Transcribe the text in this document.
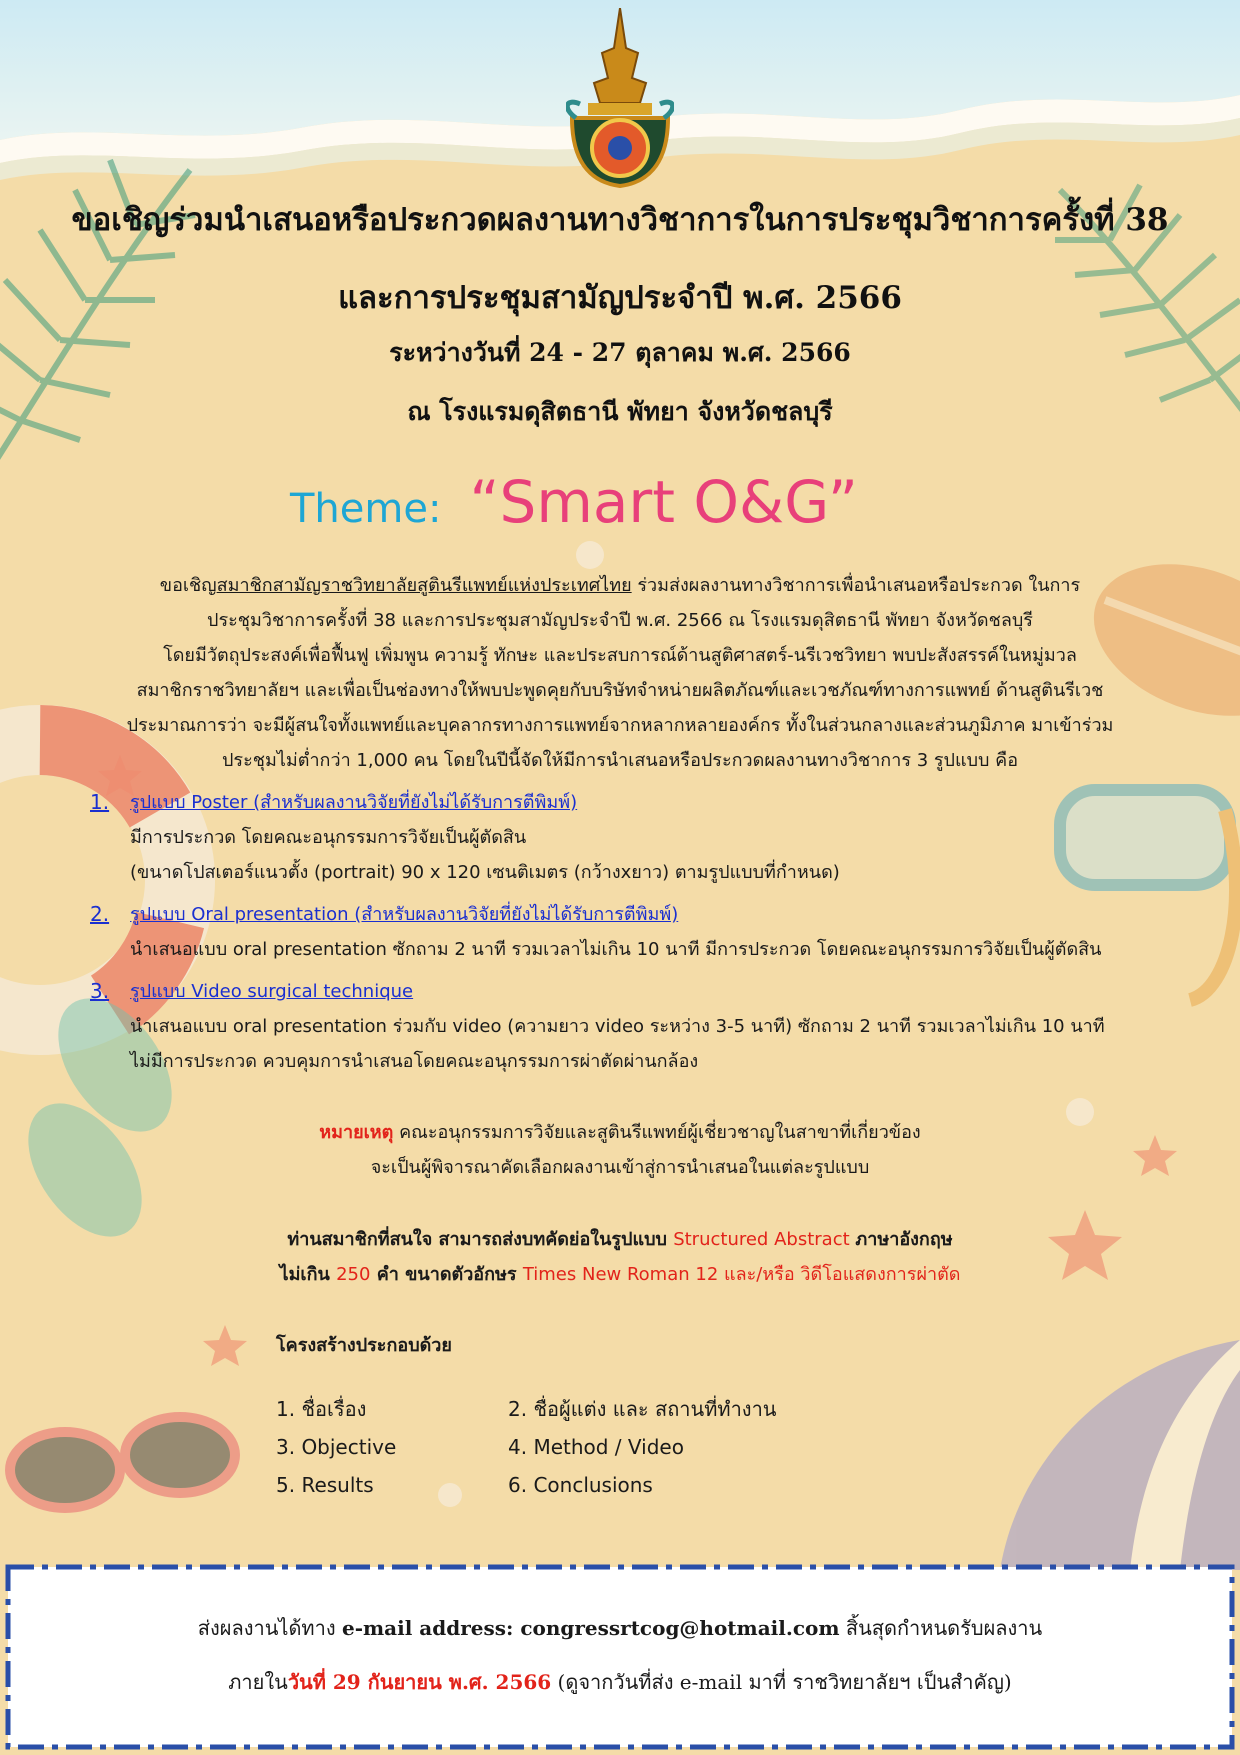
ขอเชิญร่วมนำเสนอหรือประกวดผลงานทางวิชาการในการประชุมวิชาการครั้งที่ 38
และการประชุมสามัญประจำปี พ.ศ. 2566
ระหว่างวันที่ 24 - 27 ตุลาคม พ.ศ. 2566
ณ โรงแรมดุสิตธานี พัทยา จังหวัดชลบุรี
Theme: “Smart O&G”

ขอเชิญสมาชิกสามัญราชวิทยาลัยสูตินรีแพทย์แห่งประเทศไทย ร่วมส่งผลงานทางวิชาการเพื่อนำเสนอหรือประกวด ในการ

ประชุมวิชาการครั้งที่ 38 และการประชุมสามัญประจำปี พ.ศ. 2566 ณ โรงแรมดุสิตธานี พัทยา จังหวัดชลบุรี

โดยมีวัตถุประสงค์เพื่อฟื้นฟู เพิ่มพูน ความรู้ ทักษะ และประสบการณ์ด้านสูติศาสตร์-นรีเวชวิทยา พบปะสังสรรค์ในหมู่มวล

สมาชิกราชวิทยาลัยฯ และเพื่อเป็นช่องทางให้พบปะพูดคุยกับบริษัทจำหน่ายผลิตภัณฑ์และเวชภัณฑ์ทางการแพทย์ ด้านสูตินรีเวช

ประมาณการว่า จะมีผู้สนใจทั้งแพทย์และบุคลากรทางการแพทย์จากหลากหลายองค์กร ทั้งในส่วนกลางและส่วนภูมิภาค มาเข้าร่วม

ประชุมไม่ต่ำกว่า 1,000 คน โดยในปีนี้จัดให้มีการนำเสนอหรือประกวดผลงานทางวิชาการ 3 รูปแบบ คือ

1. รูปแบบ Poster (สำหรับผลงานวิจัยที่ยังไม่ได้รับการตีพิมพ์)
มีการประกวด โดยคณะอนุกรรมการวิจัยเป็นผู้ตัดสิน
(ขนาดโปสเตอร์แนวตั้ง (portrait) 90 x 120 เซนติเมตร (กว้างxยาว) ตามรูปแบบที่กำหนด)
2. รูปแบบ Oral presentation (สำหรับผลงานวิจัยที่ยังไม่ได้รับการตีพิมพ์)
นำเสนอแบบ oral presentation ซักถาม 2 นาที รวมเวลาไม่เกิน 10 นาที มีการประกวด โดยคณะอนุกรรมการวิจัยเป็นผู้ตัดสิน
3. รูปแบบ Video surgical technique
นำเสนอแบบ oral presentation ร่วมกับ video (ความยาว video ระหว่าง 3-5 นาที) ซักถาม 2 นาที รวมเวลาไม่เกิน 10 นาที
ไม่มีการประกวด ควบคุมการนำเสนอโดยคณะอนุกรรมการผ่าตัดผ่านกล้อง
หมายเหตุ คณะอนุกรรมการวิจัยและสูตินรีแพทย์ผู้เชี่ยวชาญในสาขาที่เกี่ยวข้อง
จะเป็นผู้พิจารณาคัดเลือกผลงานเข้าสู่การนำเสนอในแต่ละรูปแบบ
ท่านสมาชิกที่สนใจ สามารถส่งบทคัดย่อในรูปแบบ Structured Abstract ภาษาอังกฤษ
ไม่เกิน 250 คำ ขนาดตัวอักษร Times New Roman 12 และ/หรือ วิดีโอแสดงการผ่าตัด
โครงสร้างประกอบด้วย
1. ชื่อเรื่อง	2. ชื่อผู้แต่ง และ สถานที่ทำงาน
3. Objective	4. Method / Video
5. Results	6. Conclusions
ส่งผลงานได้ทาง e-mail address: congressrtcog@hotmail.com สิ้นสุดกำหนดรับผลงาน
ภายในวันที่ 29 กันยายน พ.ศ. 2566 (ดูจากวันที่ส่ง e-mail มาที่ ราชวิทยาลัยฯ เป็นสำคัญ)
